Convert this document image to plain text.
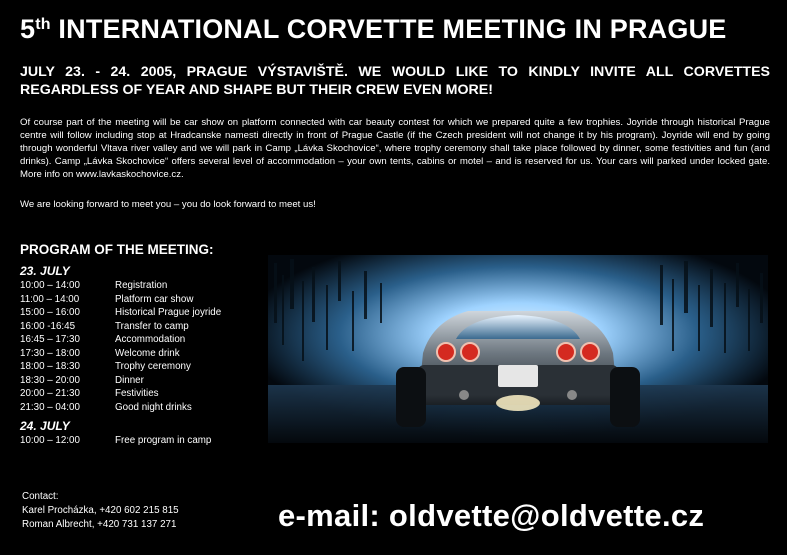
5th INTERNATIONAL CORVETTE MEETING IN PRAGUE
JULY 23. - 24. 2005, PRAGUE VÝSTAVIŠTĚ. WE WOULD LIKE TO KINDLY INVITE ALL CORVETTES REGARDLESS OF YEAR AND SHAPE BUT THEIR CREW EVEN MORE!
Of course part of the meeting will be car show on platform connected with car beauty contest for which we prepared quite a few trophies. Joyride through historical Prague centre will follow including stop at Hradcanske namesti directly in front of Prague Castle (if the Czech president will not change it by his program). Joyride will end by going through wonderful Vltava river valley and we will park in Camp „Lávka Skochovice“, where trophy ceremony shall take place followed by dinner, some festivities and fun (and drinks). Camp „Lávka Skochovice“ offers several level of accommodation – your own tents, cabins or motel – and is reserved for us. Your cars will parked under locked gate. More info on www.lavkaskochovice.cz.
We are looking forward to meet you – you do look forward to meet us!
PROGRAM OF THE MEETING:
23. JULY
10:00 – 14:00	Registration
11:00 – 14:00	Platform car show
15:00 – 16:00	Historical Prague joyride
16:00 -16:45	Transfer to camp
16:45 – 17:30	Accommodation
17:30 – 18:00	Welcome drink
18:00 – 18:30	Trophy ceremony
18:30 – 20:00	Dinner
20:00 – 21:30	Festivities
21:30 – 04:00	Good night drinks
24. JULY
10:00 – 12:00	Free program in camp
Contact:
Karel Procházka, +420 602 215 815
Roman Albrecht, +420 731 137 271	e-mail: oldvette@oldvette.cz
